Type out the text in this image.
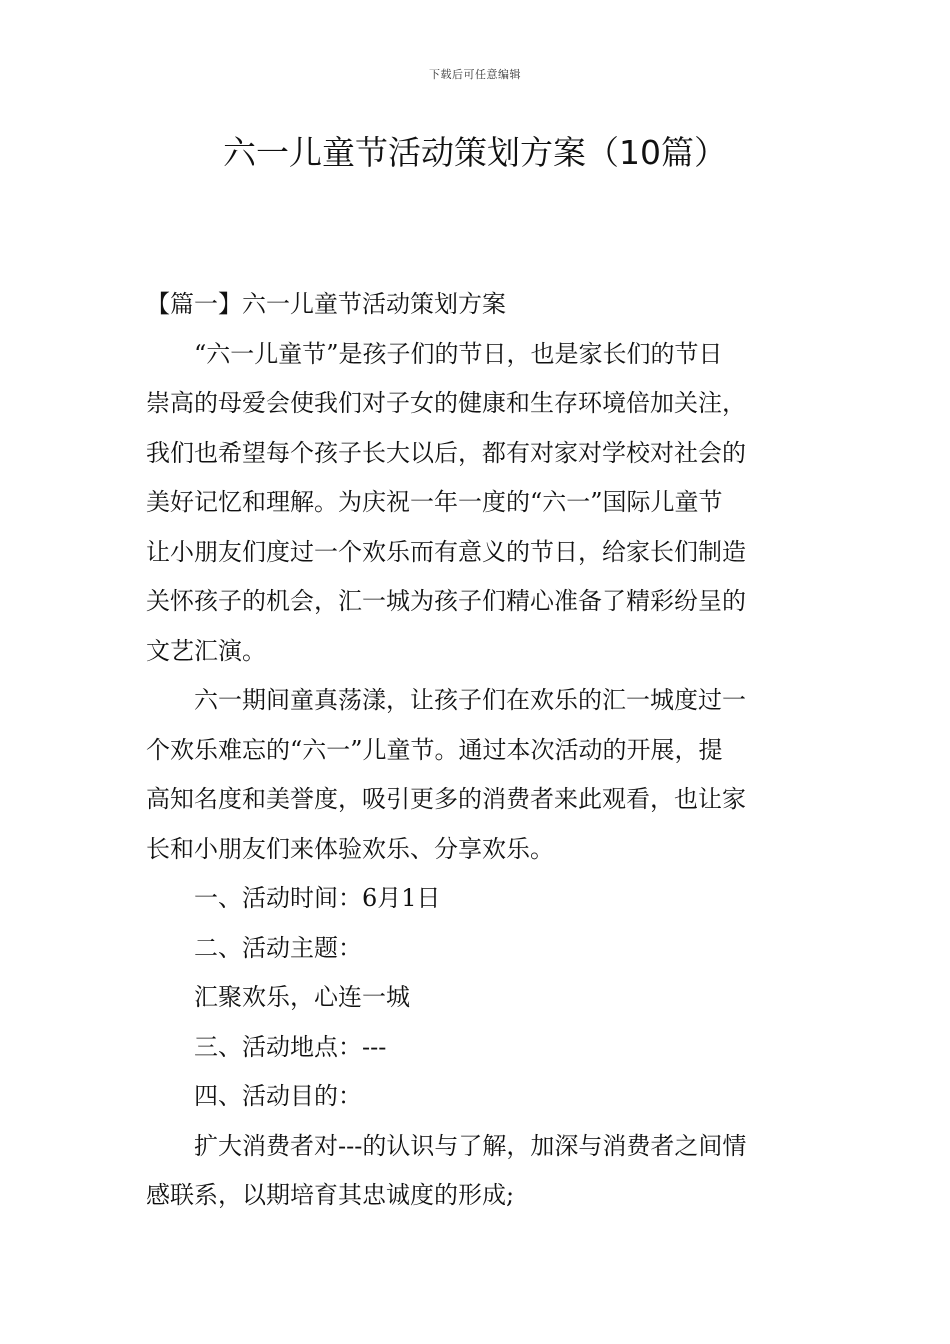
下载后可任意编辑
六一儿童节活动策划方案（10篇）
【篇一】六一儿童节活动策划方案
“六一儿童节”是孩子们的节日，也是家长们的节日
崇高的母爱会使我们对子女的健康和生存环境倍加关注，
我们也希望每个孩子长大以后，都有对家对学校对社会的
美好记忆和理解。为庆祝一年一度的“六一”国际儿童节
让小朋友们度过一个欢乐而有意义的节日，给家长们制造
关怀孩子的机会，汇一城为孩子们精心准备了精彩纷呈的
文艺汇演。
六一期间童真荡漾，让孩子们在欢乐的汇一城度过一
个欢乐难忘的“六一”儿童节。通过本次活动的开展，提
高知名度和美誉度，吸引更多的消费者来此观看，也让家
长和小朋友们来体验欢乐、分享欢乐。
一、活动时间：6月1日
二、活动主题：
汇聚欢乐，心连一城
三、活动地点：---
四、活动目的：
扩大消费者对---的认识与了解，加深与消费者之间情
感联系，以期培育其忠诚度的形成;
